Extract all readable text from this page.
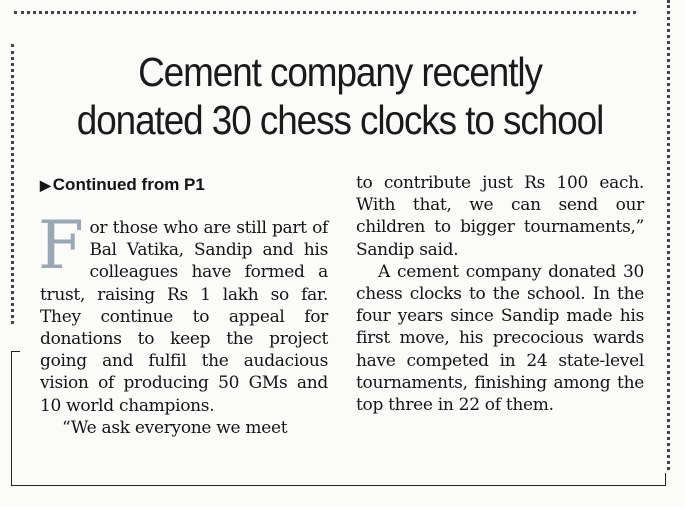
Cement company recently
donated 30 chess clocks to school

▶ Continued from P1

For those who are still part of Bal Vatika, Sandip and his colleagues have formed a trust, raising Rs 1 lakh so far. They continue to appeal for donations to keep the project going and fulfil the audacious vision of producing 50 GMs and 10 world champions.

“We ask everyone we meet

to contribute just Rs 100 each. With that, we can send our children to bigger tournaments,” Sandip said.

A cement company donated 30 chess clocks to the school. In the four years since Sandip made his first move, his precocious wards have competed in 24 state-level tournaments, finishing among the top three in 22 of them.
